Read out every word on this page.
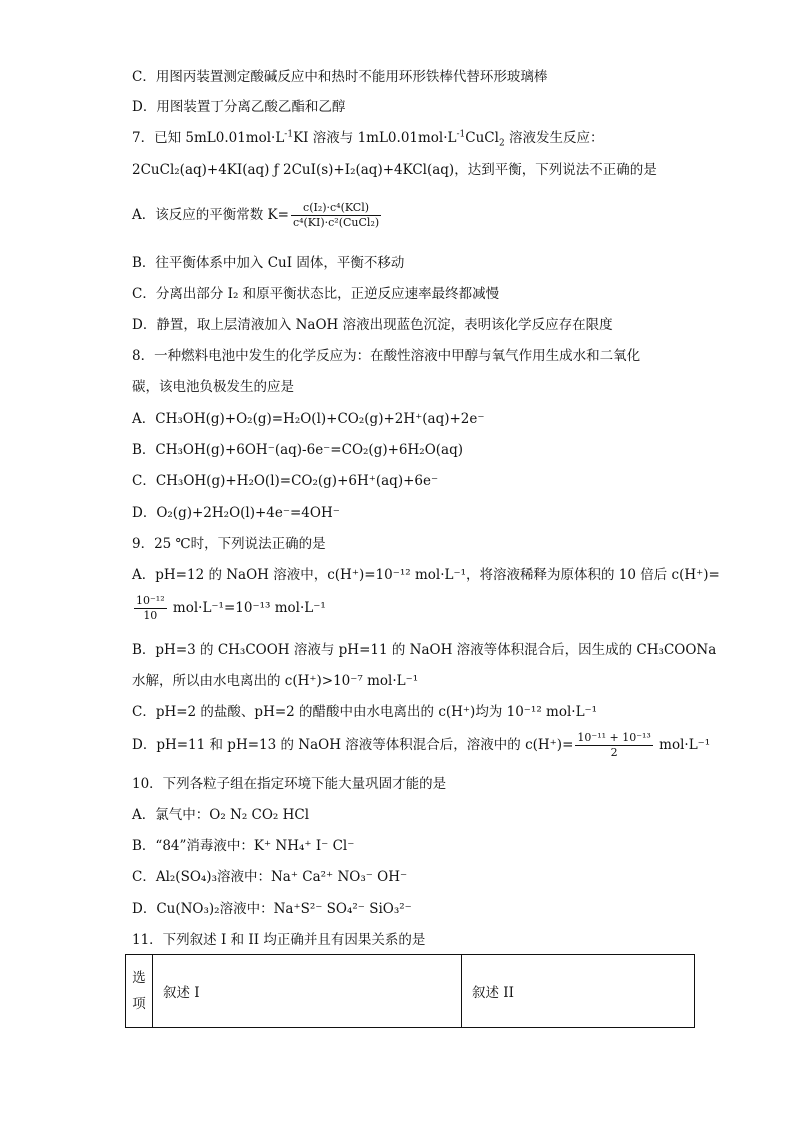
C．用图丙装置测定酸碱反应中和热时不能用环形铁棒代替环形玻璃棒
D．用图装置丁分离乙酸乙酯和乙醇
7．已知 $5mL0.01mol\cdot L^{-1}KI$ 溶液与 $1mL0.01mol\cdot L^{-1}CuCl_2$ 溶液发生反应：
2CuCl₂(aq)+4KI(aq) ƒ 2CuI(s)+I₂(aq)+4KCl(aq)，达到平衡，下列说法不正确的是
A．该反应的平衡常数 $K= \frac{\text{c(I₂)·c⁴(KCl)}}{\text{c⁴(KI)·c²(CuCl₂)}}$
B．往平衡体系中加入 CuI 固体，平衡不移动
C．分离出部分 I₂ 和原平衡状态比，正逆反应速率最终都减慢
D．静置，取上层清液加入 NaOH 溶液出现蓝色沉淀，表明该化学反应存在限度
8．一种燃料电池中发生的化学反应为：在酸性溶液中甲醇与氧气作用生成水和二氧化
碳，该电池负极发生的应是
A．CH₃OH(g)+O₂(g)=H₂O(l)+CO₂(g)+2H⁺(aq)+2e⁻
B．CH₃OH(g)+6OH⁻(aq)-6e⁻=CO₂(g)+6H₂O(aq)
C．CH₃OH(g)+H₂O(l)=CO₂(g)+6H⁺(aq)+6e⁻
D．O₂(g)+2H₂O(l)+4e⁻=4OH⁻
9．25 ℃时，下列说法正确的是
A．pH=12 的 NaOH 溶液中，c(H⁺)=10⁻¹² mol·L⁻¹，将溶液稀释为原体积的 10 倍后 c(H⁺)=
$\frac{\text{10⁻¹²}}{10} mol\cdot L^{-1}=10^{-13}$ mol·L⁻¹
B．pH=3 的 CH₃COOH 溶液与 pH=11 的 NaOH 溶液等体积混合后，因生成的 CH₃COONa
水解，所以由水电离出的 c(H⁺)>10⁻⁷ mol·L⁻¹
C．pH=2 的盐酸、pH=2 的醋酸中由水电离出的 c(H⁺)均为 10⁻¹² mol·L⁻¹
D．pH=11 和 pH=13 的 NaOH 溶液等体积混合后，溶液中的 $c(H^+)= \frac{\text{10⁻¹¹ + 10⁻¹³}}{2} mol\cdot L^{-1}$
10．下列各粒子组在指定环境下能大量巩固才能的是
A．氯气中：O₂ N₂ CO₂ HCl
B．“84”消毒液中：K⁺ NH₄⁺ I⁻ Cl⁻
C．Al₂(SO₄)₃溶液中：Na⁺ Ca²⁺ NO₃⁻ OH⁻
D．Cu(NO₃)₂溶液中：Na⁺S²⁻ SO₄²⁻ SiO₃²⁻
11．下列叙述 I 和 II 均正确并且有因果关系的是
选项	叙述 I	叙述 II
